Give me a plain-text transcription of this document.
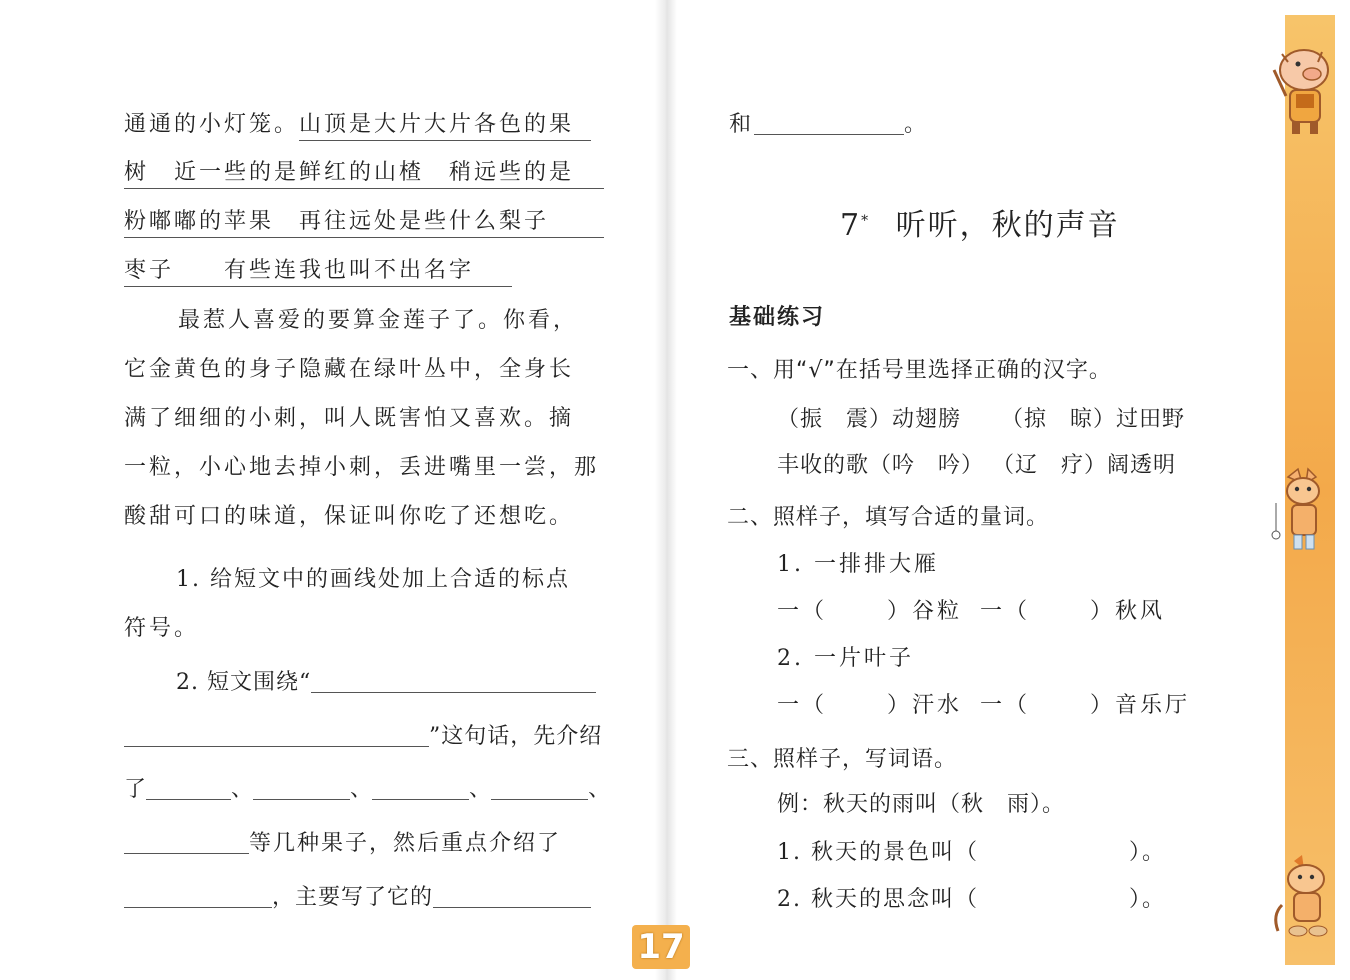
通通的小灯笼。山顶是大片大片各色的果
树　近一些的是鲜红的山楂　稍远些的是
粉嘟嘟的苹果　再往远处是些什么梨子
枣子　　有些连我也叫不出名字
最惹人喜爱的要算金莲子了。你看，
它金黄色的身子隐藏在绿叶丛中，全身长
满了细细的小刺，叫人既害怕又喜欢。摘
一粒，小心地去掉小刺，丢进嘴里一尝，那
酸甜可口的味道，保证叫你吃了还想吃。
1. 给短文中的画线处加上合适的标点
符号。
2. 短文围绕“
”这句话，先介绍
了	、	、	、	、
等几种果子，然后重点介绍了
，主要写了它的
17
和	。
7* 听听，秋的声音
基础练习
一、用“√”在括号里选择正确的汉字。
（振　震）动翅膀 （掠　晾）过田野
丰收的歌（吟　吟） （辽　疗）阔透明
二、照样子，填写合适的量词。
1. 一排排大雁
一（	）谷粒 一（	）秋风
2. 一片叶子
一（	）汗水 一（	）音乐厅
三、照样子，写词语。
例：秋天的雨叫（秋　雨）。
1. 秋天的景色叫（	）。
2. 秋天的思念叫（	）。
